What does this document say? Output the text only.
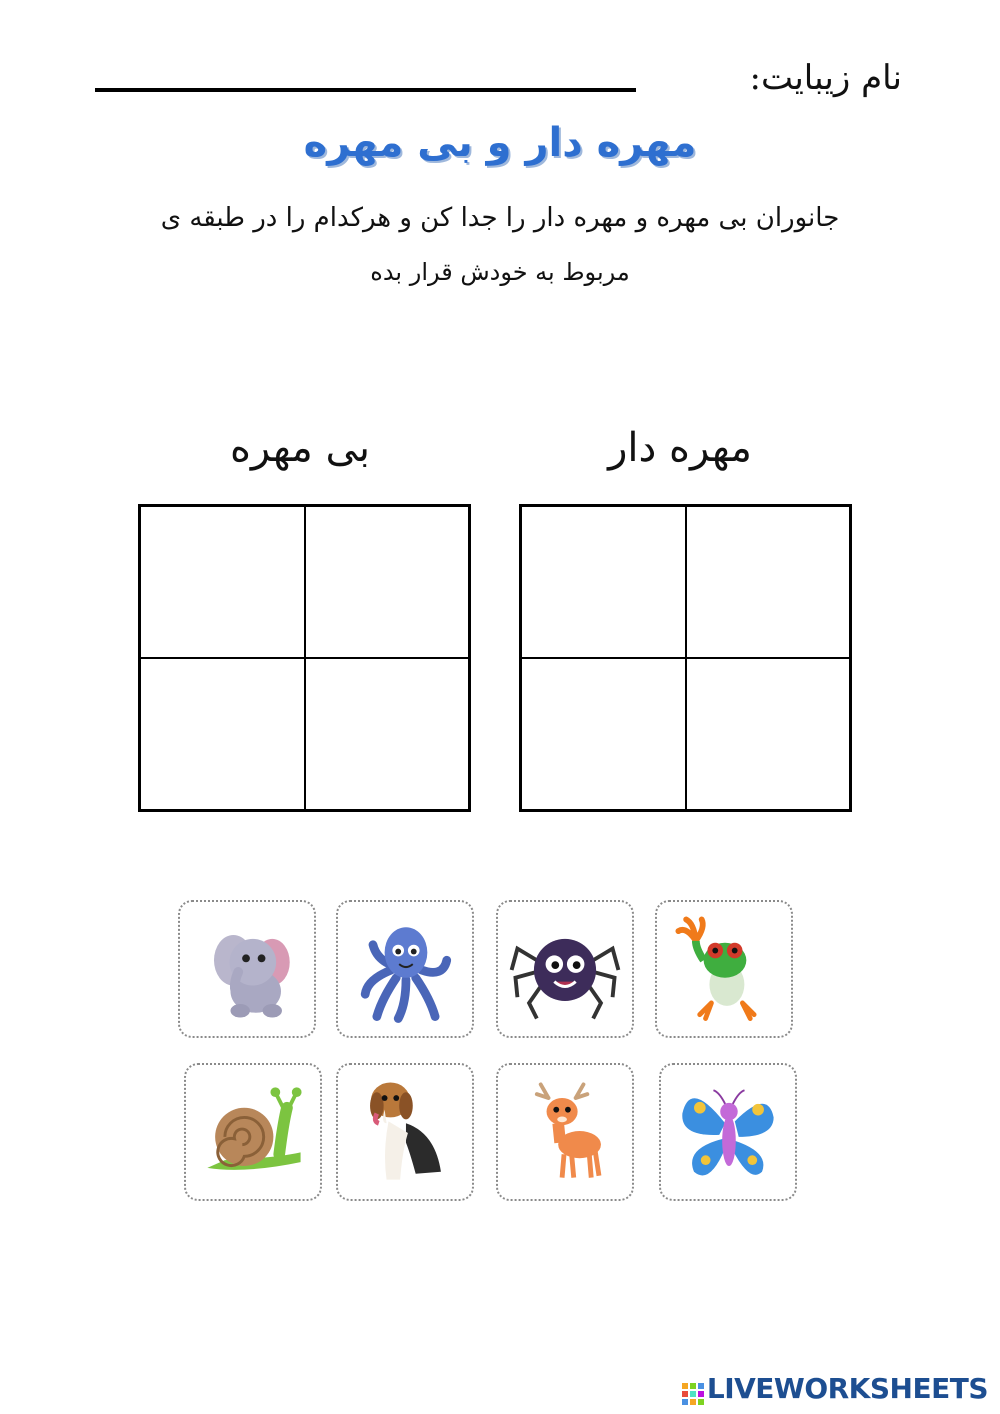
نام زیبایت:
مهره دار و بی مهره
جانوران بی مهره و مهره دار را جدا کن و هرکدام را در طبقه ی
مربوط به خودش قرار بده
مهره دار
بی مهره
LIVEWORKSHEETS
